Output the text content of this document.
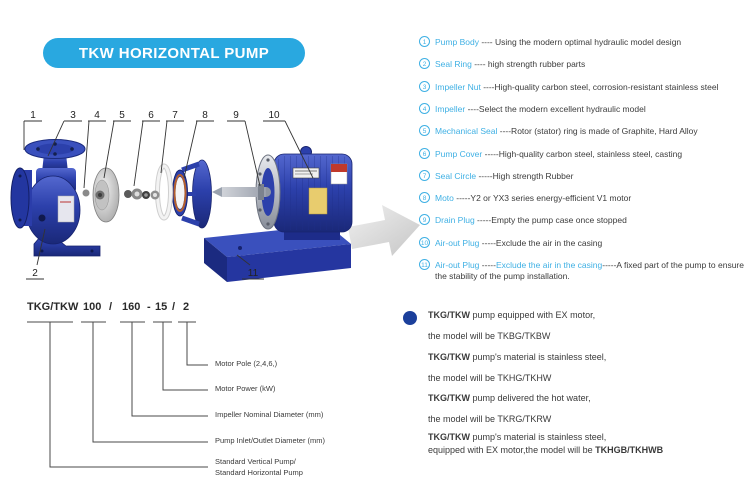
TKW HORIZONTAL PUMP
1	3 4 5 6 7 8	9	10
2	11
1	Pump Body ---- Using the modern optimal hydraulic model design
2	Seal Ring ---- high strength rubber parts
3	Impeller Nut ----High-quality carbon steel, corrosion-resistant stainless steel
4	Impeller ----Select the modern excellent hydraulic model
5	Mechanical Seal ----Rotor (stator) ring is made of Graphite, Hard Alloy
6	Pump Cover -----High-quality carbon steel, stainless steel, casting
7	Seal Circle -----High strength Rubber
8	Moto -----Y2 or YX3 series energy-efficient V1 motor
9	Drain Plug -----Empty the pump case once stopped
10 Air-out Plug -----Exclude the air in the casing
11 Air-out Plug -----Exclude the air in the casing-----A fixed part of the pump to ensure the stability of the pump installation.
TKG/TKW 100 / 160 - 15 / 2
Motor Pole (2,4,6,)
Motor Power (kW)
Impeller Nominal Diameter (mm)
Pump Inlet/Outlet Diameter (mm)
Standard Vertical Pump/
Standard Horizontal Pump
TKG/TKW pump equipped with EX motor,
the model will be TKBG/TKBW
TKG/TKW pump's material is stainless steel,
the model will be TKHG/TKHW
TKG/TKW pump delivered the hot water,
the model will be TKRG/TKRW
TKG/TKW pump's material is stainless steel,
equipped with EX motor,the model will be TKHGB/TKHWB
